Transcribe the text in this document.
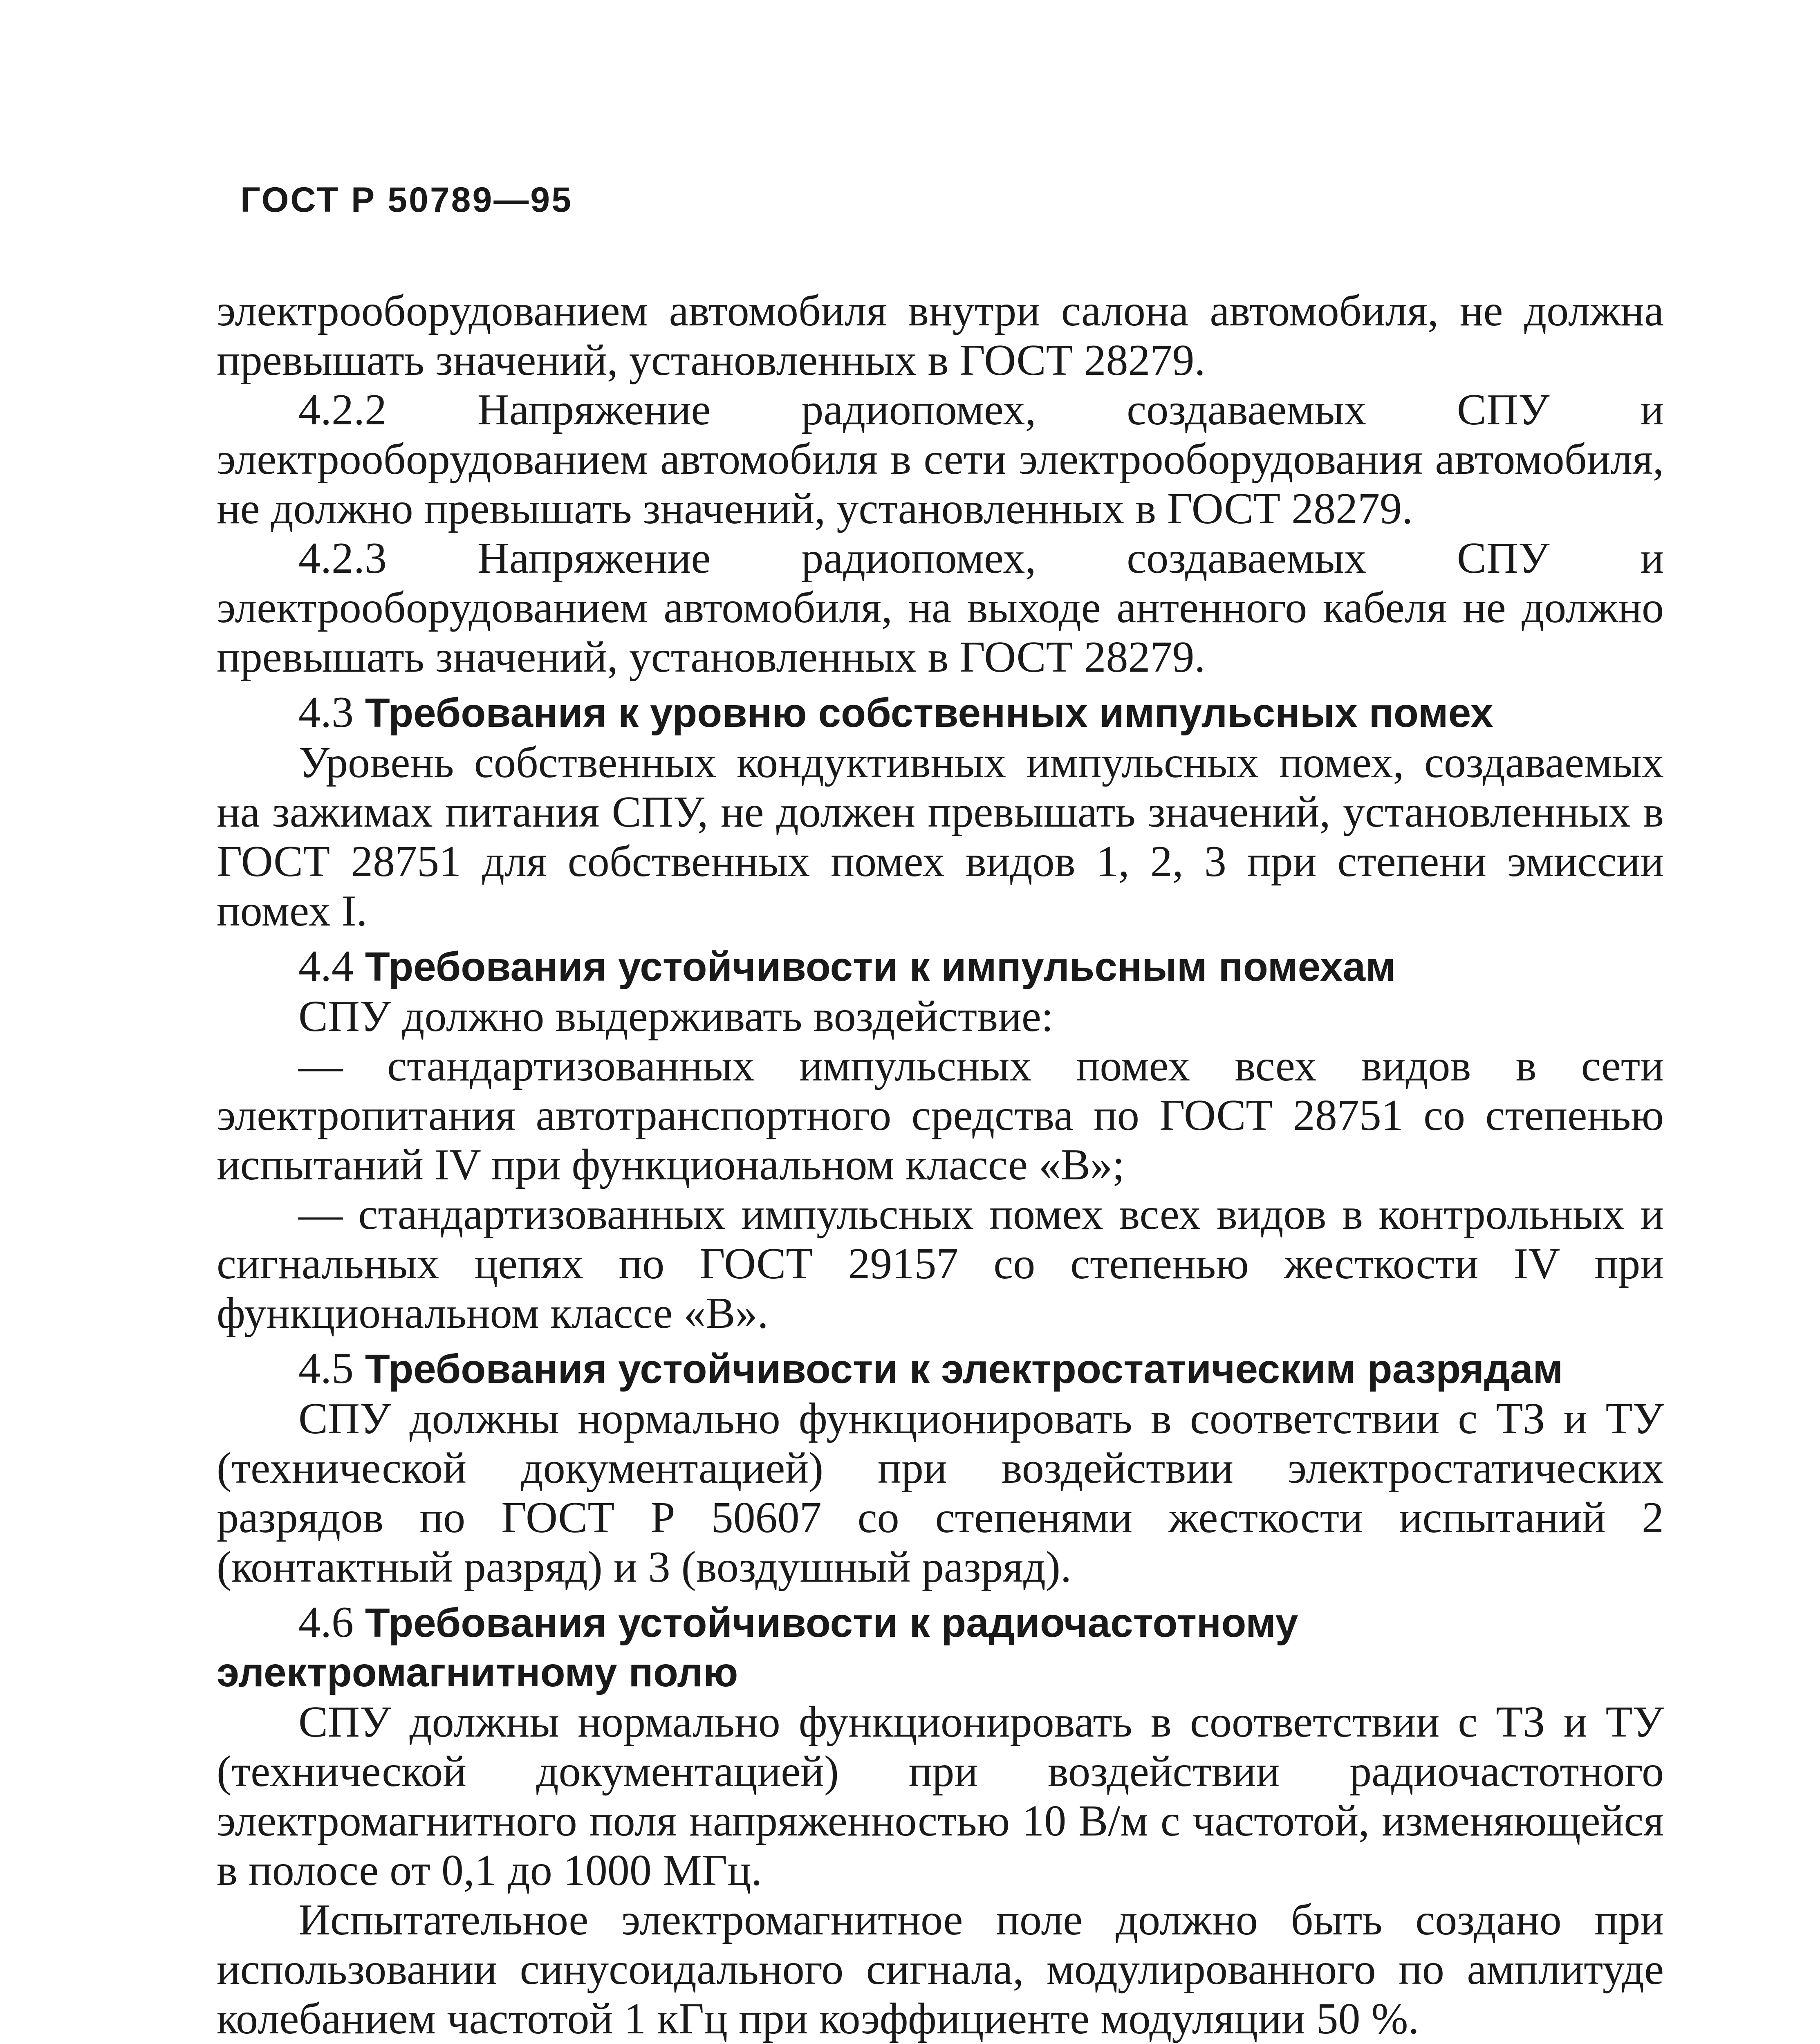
ГОСТ Р 50789—95

электрооборудованием автомобиля внутри салона автомобиля, не должна превышать значений, установленных в ГОСТ 28279.

4.2.2 Напряжение радиопомех, создаваемых СПУ и электрооборудованием автомобиля в сети электрооборудования автомобиля, не должно превышать значений, установленных в ГОСТ 28279.

4.2.3 Напряжение радиопомех, создаваемых СПУ и электрооборудованием автомобиля, на выходе антенного кабеля не должно превышать значений, установленных в ГОСТ 28279.

4.3 Требования к уровню собственных импульсных помех

Уровень собственных кондуктивных импульсных помех, создаваемых на зажимах питания СПУ, не должен превышать значений, установленных в ГОСТ 28751 для собственных помех видов 1, 2, 3 при степени эмиссии помех I.

4.4 Требования устойчивости к импульсным помехам

СПУ должно выдерживать воздействие:

— стандартизованных импульсных помех всех видов в сети электропитания автотранспортного средства по ГОСТ 28751 со степенью испытаний IV при функциональном классе «В»;

— стандартизованных импульсных помех всех видов в контрольных и сигнальных цепях по ГОСТ 29157 со степенью жесткости IV при функциональном классе «В».

4.5 Требования устойчивости к электростатическим разрядам

СПУ должны нормально функционировать в соответствии с ТЗ и ТУ (технической документацией) при воздействии электростатических разрядов по ГОСТ Р 50607 со степенями жесткости испытаний 2 (контактный разряд) и 3 (воздушный разряд).

4.6 Требования устойчивости к радиочастотному электромагнитному полю

СПУ должны нормально функционировать в соответствии с ТЗ и ТУ (технической документацией) при воздействии радиочастотного электромагнитного поля напряженностью 10 В/м с частотой, изменяющейся в полосе от 0,1 до 1000 МГц.

Испытательное электромагнитное поле должно быть создано при использовании синусоидального сигнала, модулированного по амплитуде колебанием частотой 1 кГц при коэффициенте модуляции 50 %.
